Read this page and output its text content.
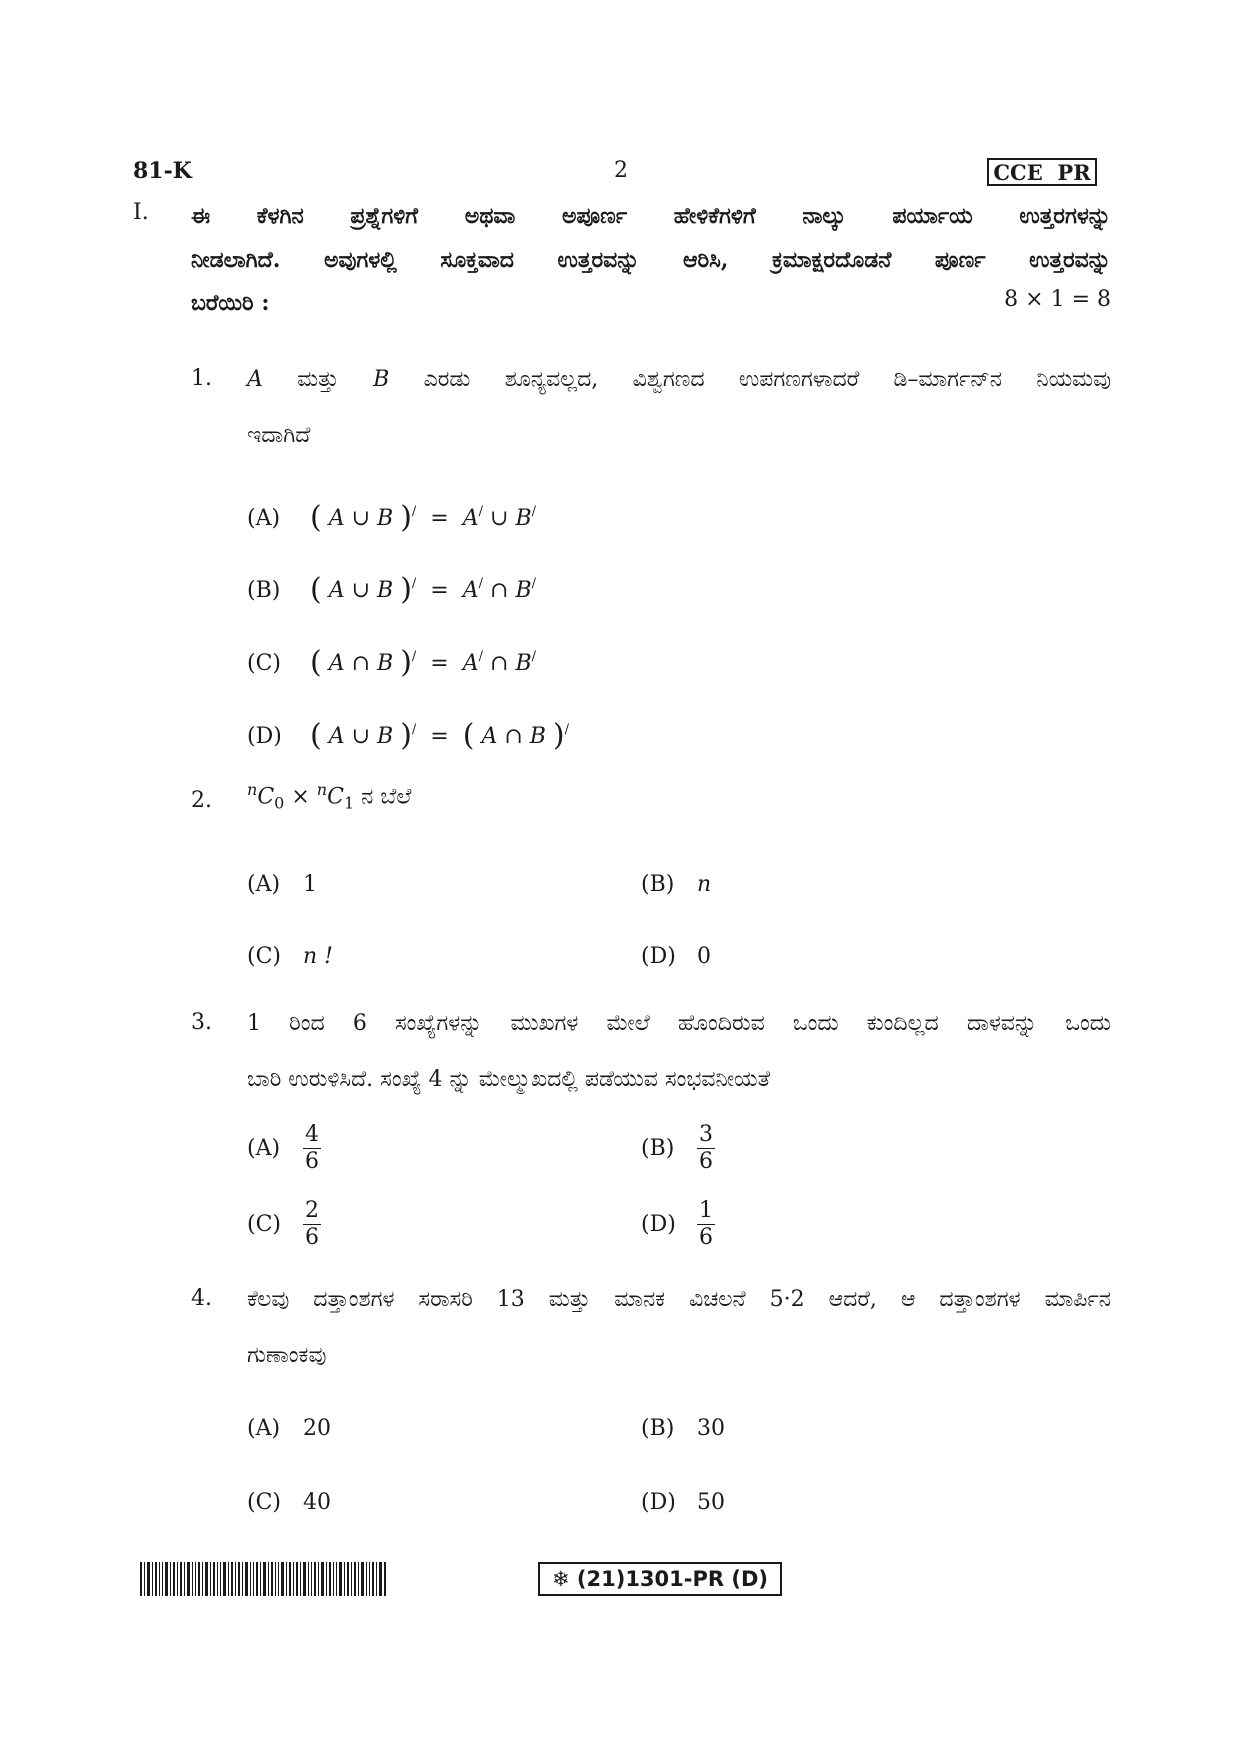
81-K	2	CCE  PR
I. ಈ ಕೆಳಗಿನ ಪ್ರಶ್ನೆಗಳಿಗೆ ಅಥವಾ ಅಪೂರ್ಣ ಹೇಳಿಕೆಗಳಿಗೆ ನಾಲ್ಕು ಪರ್ಯಾಯ ಉತ್ತರಗಳನ್ನು
ನೀಡಲಾಗಿದೆ. ಅವುಗಳಲ್ಲಿ ಸೂಕ್ತವಾದ ಉತ್ತರವನ್ನು ಆರಿಸಿ, ಕ್ರಮಾಕ್ಷರದೊಡನೆ ಪೂರ್ಣ ಉತ್ತರವನ್ನು
ಬರೆಯಿರಿ :	8 × 1 = 8
1. A ಮತ್ತು B ಎರಡು ಶೂನ್ಯವಲ್ಲದ, ವಿಶ್ವಗಣದ ಉಪಗಣಗಳಾದರೆ ಡಿ–ಮಾರ್ಗನ್‌ನ ನಿಯಮವು
ಇದಾಗಿದೆ
(A) ( A ∪ B )/  =  A/ ∪ B/
(B) ( A ∪ B )/  =  A/ ∩ B/
(C) ( A ∩ B )/  =  A/ ∩ B/
(D) ( A ∪ B )/  =  ( A ∩ B )/
2. $^nC_0 \times ^nC_1$ ನ ಬೆಲೆ
(A) 1	(B) n
(C) n !	(D) 0
3. 1 ರಿಂದ 6 ಸಂಖ್ಯೆಗಳನ್ನು ಮುಖಗಳ ಮೇಲೆ ಹೊಂದಿರುವ ಒಂದು ಕುಂದಿಲ್ಲದ ದಾಳವನ್ನು ಒಂದು
ಬಾರಿ ಉರುಳಿಸಿದೆ. ಸಂಖ್ಯೆ 4 ನ್ನು ಮೇಲ್ಮುಖದಲ್ಲಿ ಪಡೆಯುವ ಸಂಭವನೀಯತೆ
$(A) \frac{4}{6}$	$(B) \frac{3}{6}$
$(C) \frac{2}{6}$	$(D) \frac{1}{6}$
4. ಕೆಲವು ದತ್ತಾಂಶಗಳ ಸರಾಸರಿ 13 ಮತ್ತು ಮಾನಕ ವಿಚಲನೆ 5·2 ಆದರೆ, ಆ ದತ್ತಾಂಶಗಳ ಮಾರ್ಪಿನ
ಗುಣಾಂಕವು
(A) 20	(B) 30
(C) 40	(D) 50
❄ (21)1301-PR (D)
